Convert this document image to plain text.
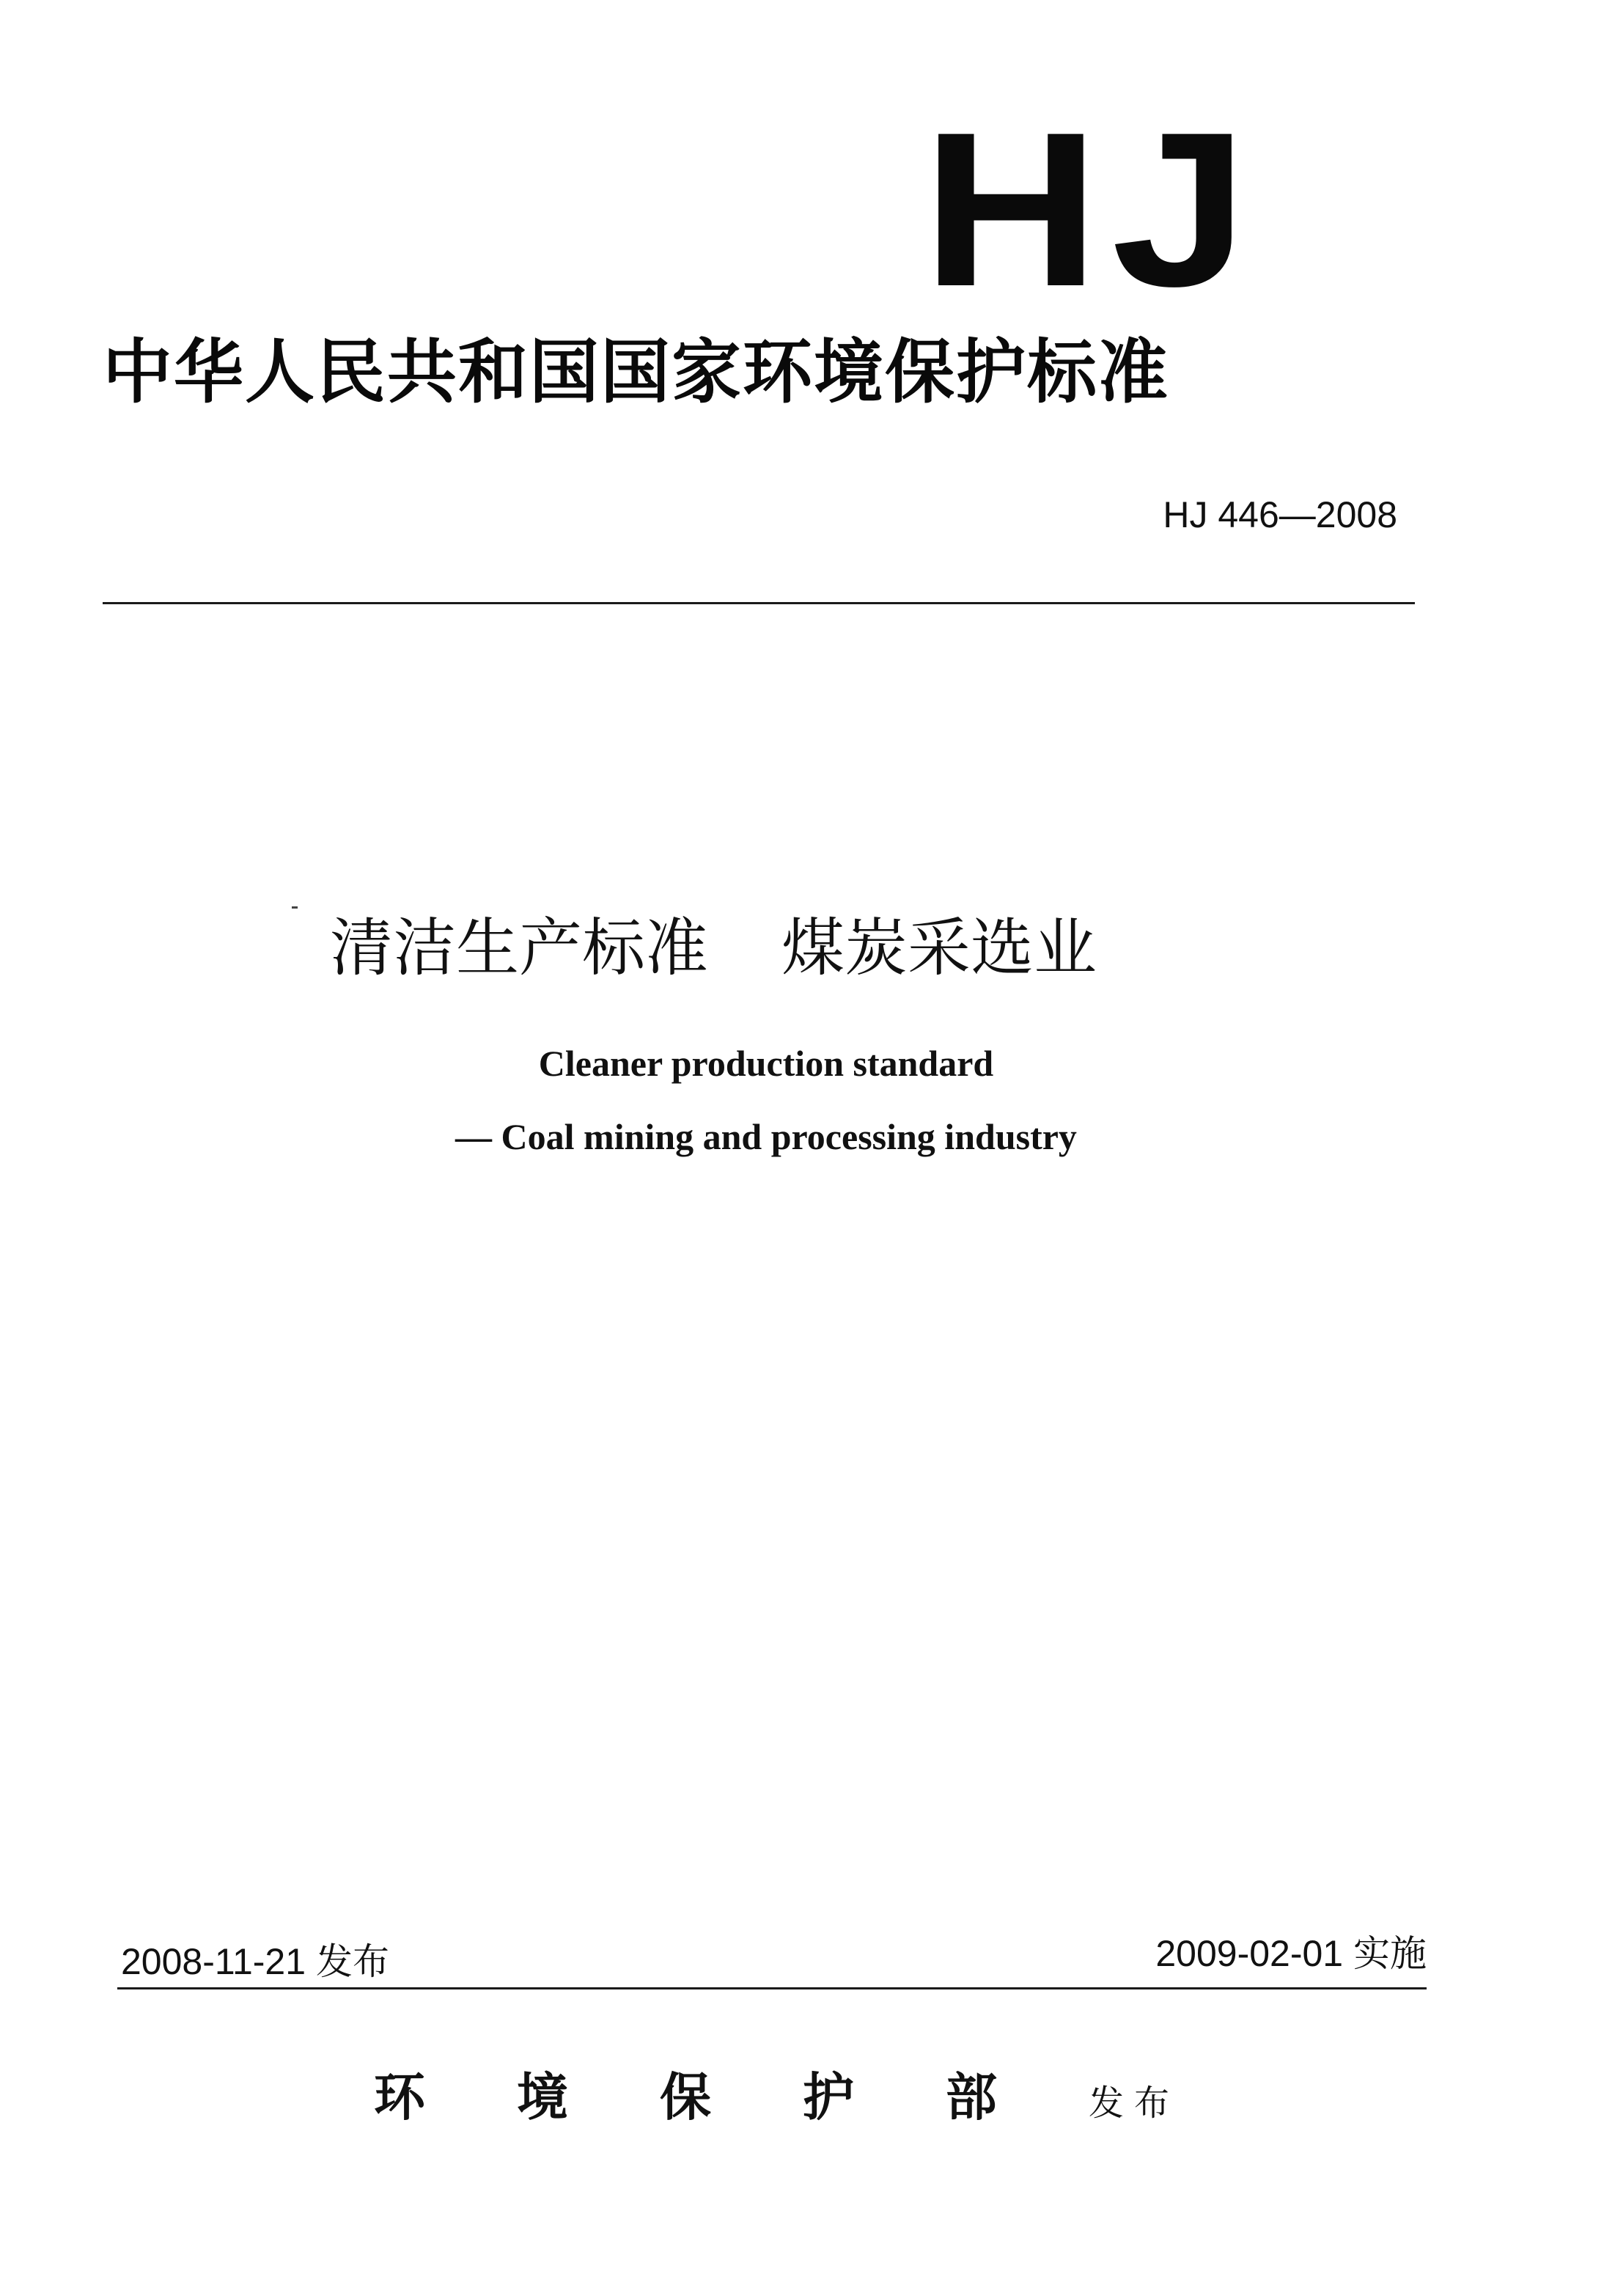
HJ
中华人民共和国国家环境保护标准
HJ 446—2008
清洁生产标准 煤炭采选业
Cleaner production standard
— Coal mining and processing industry
2008-11-21 发布	2009-02-01 实施
环 境 保 护 部	发布
